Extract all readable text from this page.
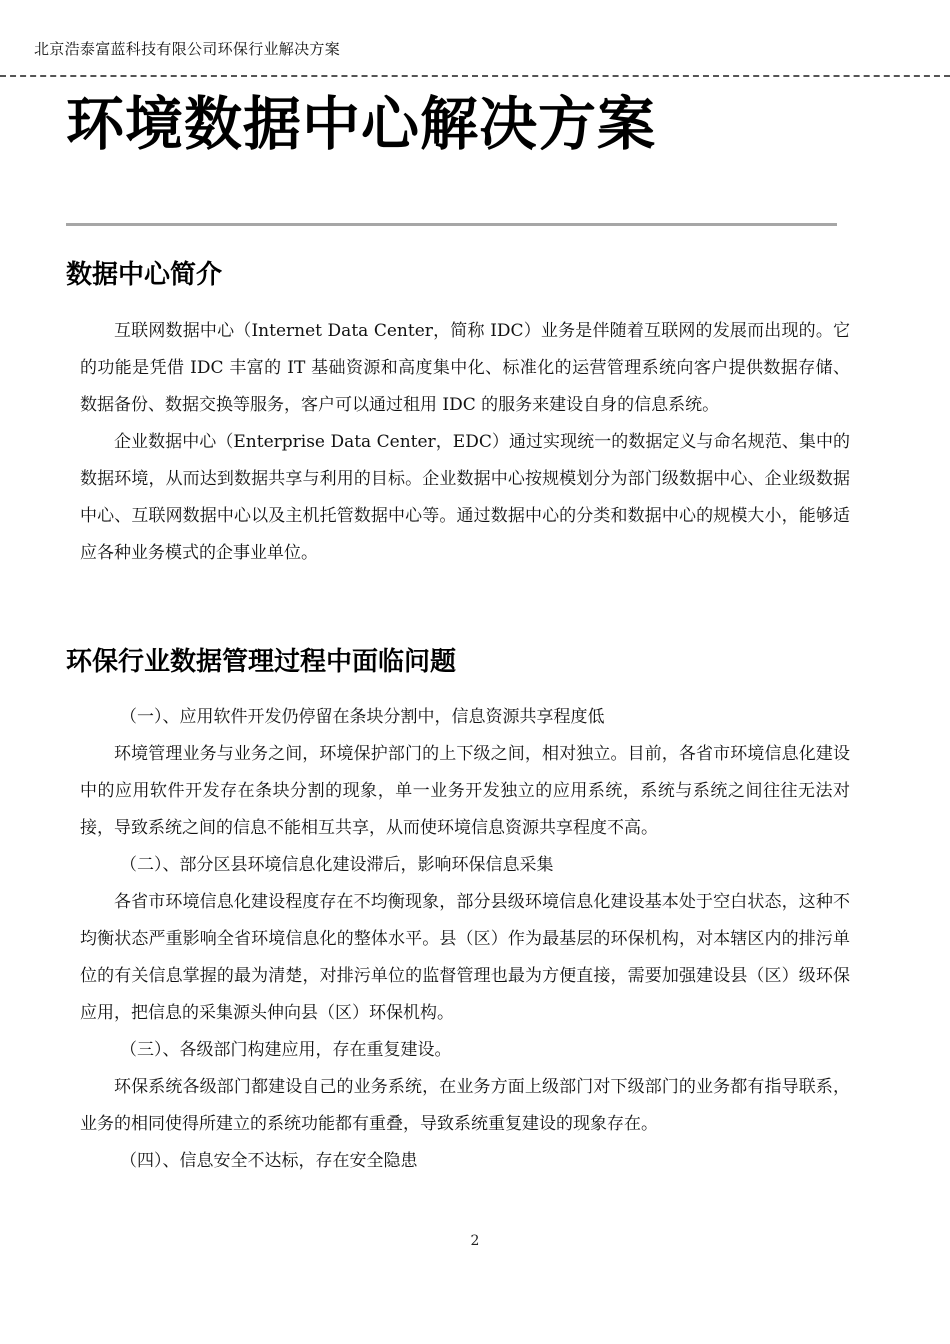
北京浩泰富蓝科技有限公司环保行业解决方案
环境数据中心解决方案
数据中心简介

互联网数据中心（Internet Data Center，简称 IDC）业务是伴随着互联网的发展而出现的。它的功能是凭借 IDC 丰富的 IT 基础资源和高度集中化、标准化的运营管理系统向客户提供数据存储、数据备份、数据交换等服务，客户可以通过租用 IDC 的服务来建设自身的信息系统。

企业数据中心（Enterprise Data Center，EDC）通过实现统一的数据定义与命名规范、集中的数据环境，从而达到数据共享与利用的目标。企业数据中心按规模划分为部门级数据中心、企业级数据中心、互联网数据中心以及主机托管数据中心等。通过数据中心的分类和数据中心的规模大小，能够适应各种业务模式的企事业单位。

环保行业数据管理过程中面临问题

（一）、应用软件开发仍停留在条块分割中，信息资源共享程度低

环境管理业务与业务之间，环境保护部门的上下级之间，相对独立。目前，各省市环境信息化建设中的应用软件开发存在条块分割的现象，单一业务开发独立的应用系统，系统与系统之间往往无法对接，导致系统之间的信息不能相互共享，从而使环境信息资源共享程度不高。

（二）、部分区县环境信息化建设滞后，影响环保信息采集

各省市环境信息化建设程度存在不均衡现象，部分县级环境信息化建设基本处于空白状态，这种不均衡状态严重影响全省环境信息化的整体水平。县（区）作为最基层的环保机构，对本辖区内的排污单位的有关信息掌握的最为清楚，对排污单位的监督管理也最为方便直接，需要加强建设县（区）级环保应用，把信息的采集源头伸向县（区）环保机构。

（三）、各级部门构建应用，存在重复建设。

环保系统各级部门都建设自己的业务系统，在业务方面上级部门对下级部门的业务都有指导联系，业务的相同使得所建立的系统功能都有重叠，导致系统重复建设的现象存在。

（四）、信息安全不达标，存在安全隐患

2
